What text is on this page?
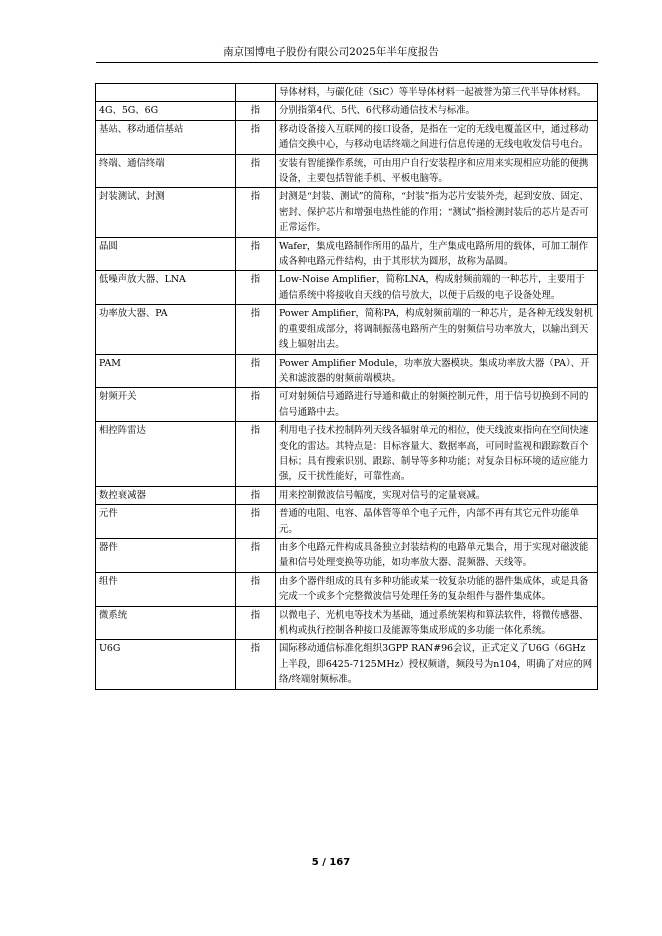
南京国博电子股份有限公司2025年半年度报告
		导体材料，与碳化硅（SiC）等半导体材料一起被誉为第三代半导体材料。
4G、5G、6G	指	分别指第4代、5代、6代移动通信技术与标准。
基站、移动通信基站	指	移动设备接入互联网的接口设备，是指在一定的无线电覆盖区中，通过移动通信交换中心，与移动电话终端之间进行信息传递的无线电收发信号电台。
终端、通信终端	指	安装有智能操作系统，可由用户自行安装程序和应用来实现相应功能的便携设备，主要包括智能手机、平板电脑等。
封装测试、封测	指	封测是“封装、测试”的简称，“封装”指为芯片安装外壳，起到安放、固定、密封、保护芯片和增强电热性能的作用；“测试”指检测封装后的芯片是否可正常运作。
晶圆	指	Wafer，集成电路制作所用的晶片，生产集成电路所用的载体，可加工制作成各种电路元件结构，由于其形状为圆形，故称为晶圆。
低噪声放大器、LNA	指	Low-Noise Amplifier，简称LNA，构成射频前端的一种芯片，主要用于通信系统中将接收自天线的信号放大，以便于后级的电子设备处理。
功率放大器、PA	指	Power Amplifier，简称PA，构成射频前端的一种芯片，是各种无线发射机的重要组成部分，将调制振荡电路所产生的射频信号功率放大，以输出到天线上辐射出去。
PAM	指	Power Amplifier Module，功率放大器模块。集成功率放大器（PA）、开关和滤波器的射频前端模块。
射频开关	指	可对射频信号通路进行导通和截止的射频控制元件，用于信号切换到不同的信号通路中去。
相控阵雷达	指	利用电子技术控制阵列天线各辐射单元的相位，使天线波束指向在空间快速变化的雷达。其特点是：目标容量大、数据率高，可同时监视和跟踪数百个目标；具有搜索识别、跟踪、制导等多种功能；对复杂目标环境的适应能力强，反干扰性能好，可靠性高。
数控衰减器	指	用来控制微波信号幅度，实现对信号的定量衰减。
元件	指	普通的电阻、电容、晶体管等单个电子元件，内部不再有其它元件功能单元。
器件	指	由多个电路元件构成具备独立封装结构的电路单元集合，用于实现对磁波能量和信号处理变换等功能，如功率放大器、混频器、天线等。
组件	指	由多个器件组成的具有多种功能或某一较复杂功能的器件集成体，或是具备完成一个或多个完整微波信号处理任务的复杂组件与器件集成体。
微系统	指	以微电子、光机电等技术为基础，通过系统架构和算法软件，将微传感器、机构或执行控制各种接口及能源等集成形成的多功能一体化系统。
U6G	指	国际移动通信标准化组织3GPP RAN#96会议，正式定义了U6G（6GHz上半段，即6425-7125MHz）授权频谱，频段号为n104，明确了对应的网络/终端射频标准。
5 / 167
